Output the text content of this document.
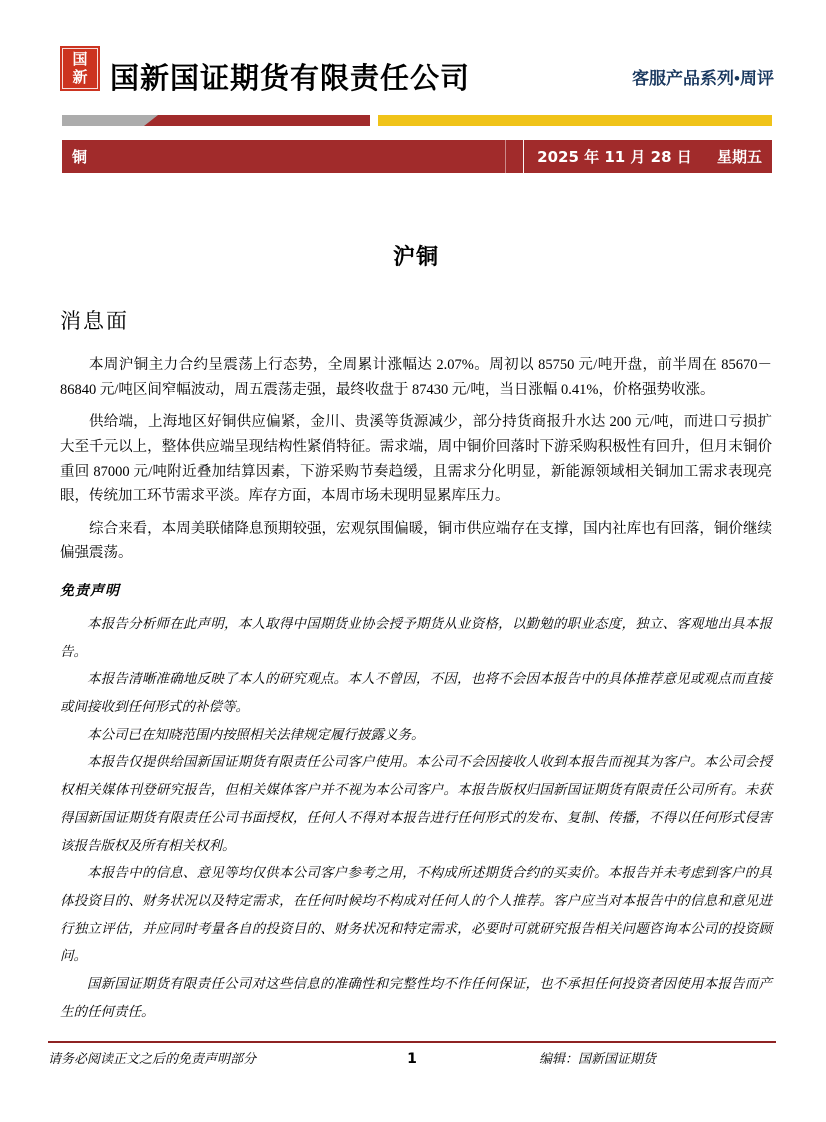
国
新 国新国证期货有限责任公司	客服产品系列•周评
铜	2025 年 11 月 28 日 星期五
沪铜
消息面

本周沪铜主力合约呈震荡上行态势，全周累计涨幅达 2.07%。周初以 85750 元/吨开盘，前半周在 85670－86840 元/吨区间窄幅波动，周五震荡走强，最终收盘于 87430 元/吨，当日涨幅 0.41%，价格强势收涨。

供给端，上海地区好铜供应偏紧，金川、贵溪等货源减少，部分持货商报升水达 200 元/吨，而进口亏损扩大至千元以上，整体供应端呈现结构性紧俏特征。需求端，周中铜价回落时下游采购积极性有回升，但月末铜价重回 87000 元/吨附近叠加结算因素，下游采购节奏趋缓，且需求分化明显，新能源领域相关铜加工需求表现亮眼，传统加工环节需求平淡。库存方面，本周市场未现明显累库压力。

综合来看，本周美联储降息预期较强，宏观氛围偏暖，铜市供应端存在支撑，国内社库也有回落，铜价继续偏强震荡。

免责声明

本报告分析师在此声明，本人取得中国期货业协会授予期货从业资格，以勤勉的职业态度，独立、客观地出具本报告。

本报告清晰准确地反映了本人的研究观点。本人不曾因，不因，也将不会因本报告中的具体推荐意见或观点而直接或间接收到任何形式的补偿等。

本公司已在知晓范围内按照相关法律规定履行披露义务。

本报告仅提供给国新国证期货有限责任公司客户使用。本公司不会因接收人收到本报告而视其为客户。本公司会授权相关媒体刊登研究报告，但相关媒体客户并不视为本公司客户。本报告版权归国新国证期货有限责任公司所有。未获得国新国证期货有限责任公司书面授权，任何人不得对本报告进行任何形式的发布、复制、传播，不得以任何形式侵害该报告版权及所有相关权利。

本报告中的信息、意见等均仅供本公司客户参考之用，不构成所述期货合约的买卖价。本报告并未考虑到客户的具体投资目的、财务状况以及特定需求，在任何时候均不构成对任何人的个人推荐。客户应当对本报告中的信息和意见进行独立评估，并应同时考量各自的投资目的、财务状况和特定需求，必要时可就研究报告相关问题咨询本公司的投资顾问。

国新国证期货有限责任公司对这些信息的准确性和完整性均不作任何保证，也不承担任何投资者因使用本报告而产生的任何责任。

请务必阅读正文之后的免责声明部分	1	编辑：国新国证期货
